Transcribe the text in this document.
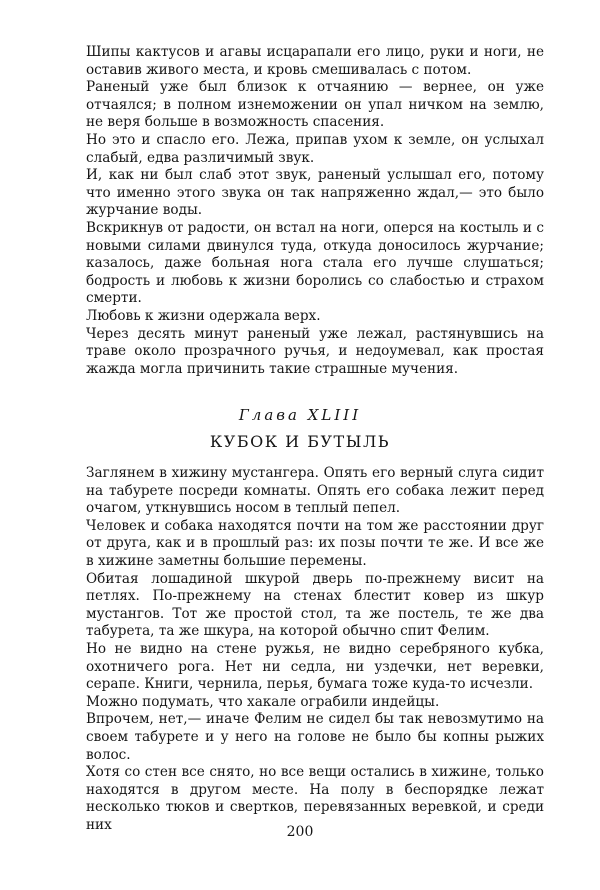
Шипы кактусов и агавы исцарапали его лицо, руки и ноги, не оставив живого места, и кровь смешивалась с потом.

Раненый уже был близок к отчаянию — вернее, он уже отчаялся; в полном изнеможении он упал ничком на землю, не веря больше в возможность спасения.

Но это и спасло его. Лежа, припав ухом к земле, он услыхал слабый, едва различимый звук.

И, как ни был слаб этот звук, раненый услышал его, потому что именно этого звука он так напряженно ждал,— это было журчание воды.

Вскрикнув от радости, он встал на ноги, оперся на костыль и с новыми силами двинулся туда, откуда доносилось журчание; казалось, даже больная нога стала его лучше слушаться; бодрость и любовь к жизни боролись со слабостью и страхом смерти.

Любовь к жизни одержала верх.

Через десять минут раненый уже лежал, растянувшись на траве около прозрачного ручья, и недоумевал, как простая жажда могла причинить такие страшные мучения.

Глава XLIII
КУБОК И БУТЫЛЬ

Заглянем в хижину мустангера. Опять его верный слуга сидит на табурете посреди комнаты. Опять его собака лежит перед очагом, уткнувшись носом в теплый пепел.

Человек и собака находятся почти на том же расстоянии друг от друга, как и в прошлый раз: их позы почти те же. И все же в хижине заметны большие перемены.

Обитая лошадиной шкурой дверь по-прежнему висит на петлях. По-прежнему на стенах блестит ковер из шкур мустангов. Тот же простой стол, та же постель, те же два табурета, та же шкура, на которой обычно спит Фелим.

Но не видно на стене ружья, не видно серебряного кубка, охотничего рога. Нет ни седла, ни уздечки, нет веревки, серапе. Книги, чернила, перья, бумага тоже куда-то исчезли.

Можно подумать, что хакале ограбили индейцы.

Впрочем, нет,— иначе Фелим не сидел бы так невозмутимо на своем табурете и у него на голове не было бы копны рыжих волос.

Хотя со стен все снято, но все вещи остались в хижине, только находятся в другом месте. На полу в беспорядке лежат несколько тюков и свертков, перевязанных веревкой, и среди них	200
